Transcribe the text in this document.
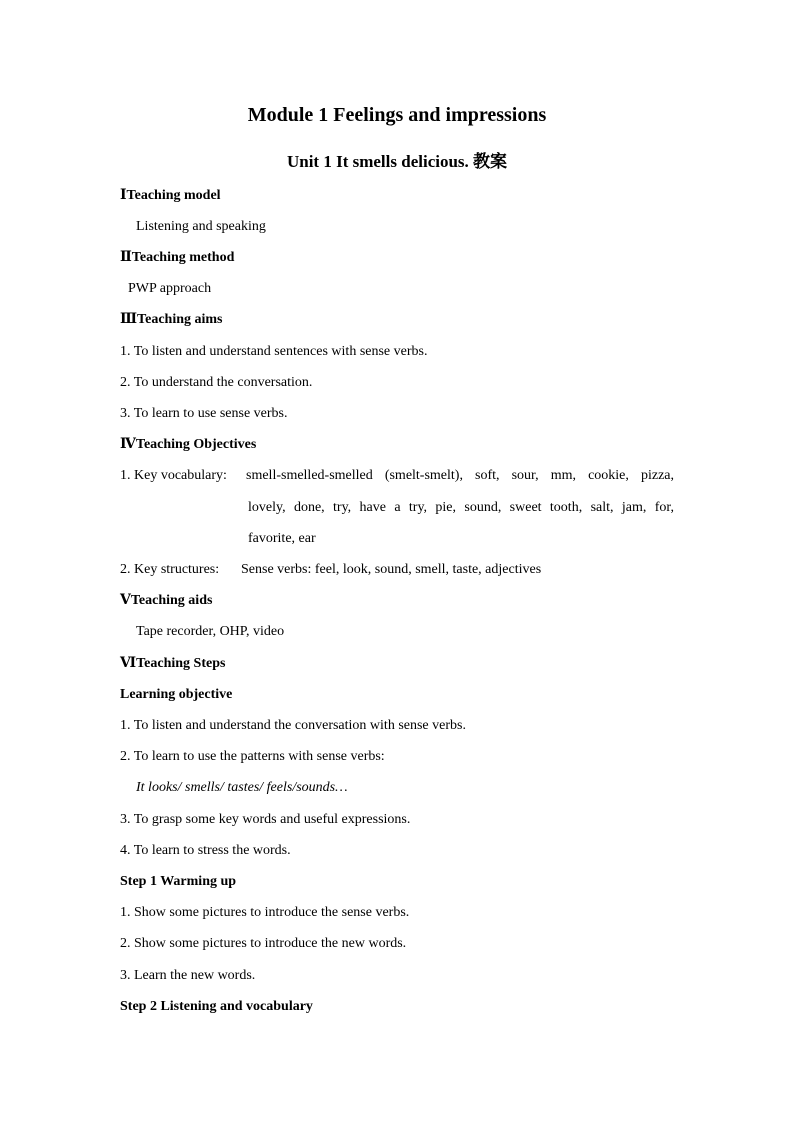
Module 1 Feelings and impressions
Unit 1 It smells delicious. 教案
ⅠTeaching model
Listening and speaking
ⅡTeaching method
PWP approach
ⅢTeaching aims
1. To listen and understand sentences with sense verbs.
2. To understand the conversation.
3. To learn to use sense verbs.
ⅣTeaching Objectives
1. Key vocabulary: smell-smelled-smelled (smelt-smelt), soft, sour, mm, cookie, pizza,
lovely, done, try, have a try, pie, sound, sweet tooth, salt, jam, for,
favorite, ear
2. Key structures: Sense verbs: feel, look, sound, smell, taste, adjectives
ⅤTeaching aids
Tape recorder, OHP, video
ⅥTeaching Steps
Learning objective
1. To listen and understand the conversation with sense verbs.
2. To learn to use the patterns with sense verbs:
It looks/ smells/ tastes/ feels/sounds…
3. To grasp some key words and useful expressions.
4. To learn to stress the words.
Step 1 Warming up
1. Show some pictures to introduce the sense verbs.
2. Show some pictures to introduce the new words.
3. Learn the new words.
Step 2 Listening and vocabulary
